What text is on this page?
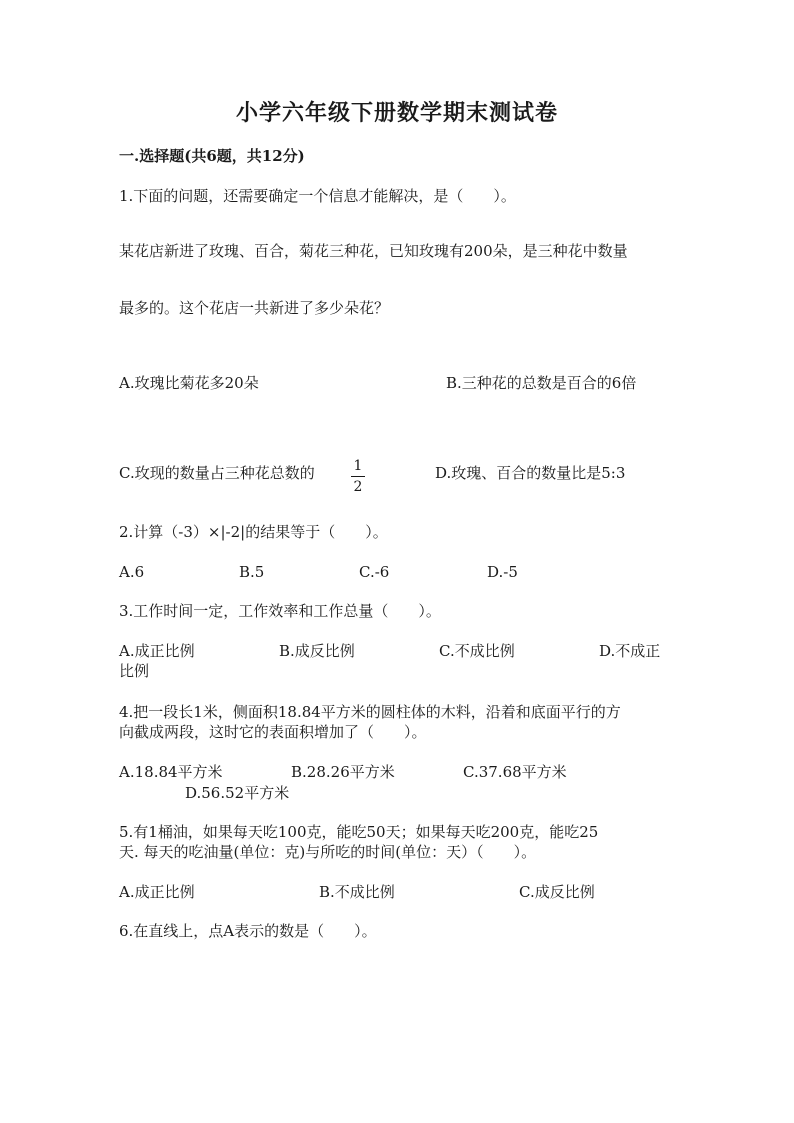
小学六年级下册数学期末测试卷
一.选择题(共6题，共12分)
1.下面的问题，还需要确定一个信息才能解决，是（　　）。
某花店新进了玫瑰、百合，菊花三种花，已知玫瑰有200朵，是三种花中数量
最多的。这个花店一共新进了多少朵花？
A.玫瑰比菊花多20朵	B.三种花的总数是百合的6倍
C.玫现的数量占三种花总数的	1
2
D.玫瑰、百合的数量比是5:3
2.计算（-3）×|-2|的结果等于（　　）。
A.6	B.5	C.-6	D.-5
3.工作时间一定，工作效率和工作总量（　　）。
A.成正比例	B.成反比例	C.不成比例	D.不成正
比例
4.把一段长1米，侧面积18.84平方米的圆柱体的木料，沿着和底面平行的方
向截成两段，这时它的表面积增加了（　　）。
A.18.84平方米	B.28.26平方米	C.37.68平方米
D.56.52平方米
5.有1桶油，如果每天吃100克，能吃50天；如果每天吃200克，能吃25
天. 每天的吃油量(单位：克)与所吃的时间(单位：天）（　　）。
A.成正比例	B.不成比例	C.成反比例
6.在直线上，点A表示的数是（　　）。
